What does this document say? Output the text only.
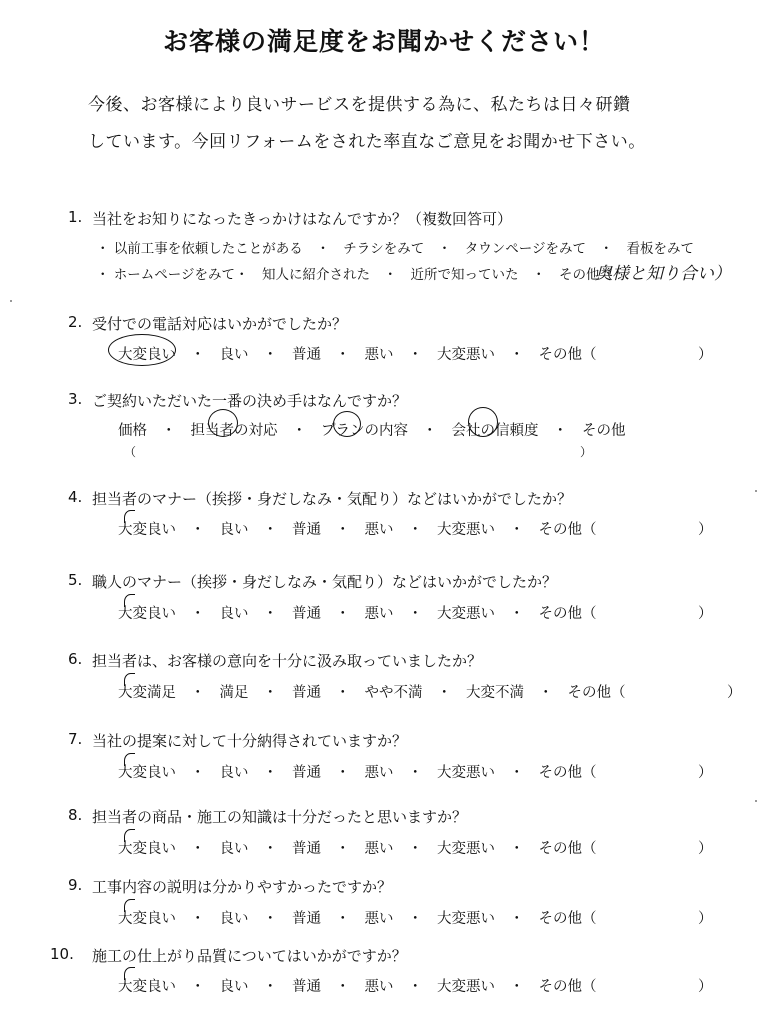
お客様の満足度をお聞かせください！
今後、お客様により良いサービスを提供する為に、私たちは日々研鑽
しています。今回リフォームをされた率直なご意見をお聞かせ下さい。
1. 当社をお知りになったきっかけはなんですか？（複数回答可）
・ 以前工事を依頼したことがある　・　チラシをみて　・　タウンページをみて　・　看板をみて
・ ホームページをみて・　知人に紹介された　・　近所で知っていた　・　その他（
奥様と知り合い）
2. 受付での電話対応はいかがでしたか？
大変良い　・　良い　・　普通　・　悪い　・　大変悪い　・　その他（　　　　　　　）
3. ご契約いただいた一番の決め手はなんですか？
価格　・　担当者の対応　・　プランの内容　・　会社の信頼度　・　その他
（　　　　　　　　　　　　　　　　　　　　　　　　　　　　　　　　　　　　　）
4. 担当者のマナー（挨拶・身だしなみ・気配り）などはいかがでしたか？
大変良い　・　良い　・　普通　・　悪い　・　大変悪い　・　その他（　　　　　　　）
5. 職人のマナー（挨拶・身だしなみ・気配り）などはいかがでしたか？
大変良い　・　良い　・　普通　・　悪い　・　大変悪い　・　その他（　　　　　　　）
6. 担当者は、お客様の意向を十分に汲み取っていましたか？
大変満足　・　満足　・　普通　・　やや不満　・　大変不満　・　その他（　　　　　　　）
7. 当社の提案に対して十分納得されていますか？
大変良い　・　良い　・　普通　・　悪い　・　大変悪い　・　その他（　　　　　　　）
8. 担当者の商品・施工の知識は十分だったと思いますか？
大変良い　・　良い　・　普通　・　悪い　・　大変悪い　・　その他（　　　　　　　）
9. 工事内容の説明は分かりやすかったですか？
大変良い　・　良い　・　普通　・　悪い　・　大変悪い　・　その他（　　　　　　　）
10. 施工の仕上がり品質についてはいかがですか？
大変良い　・　良い　・　普通　・　悪い　・　大変悪い　・　その他（　　　　　　　）
